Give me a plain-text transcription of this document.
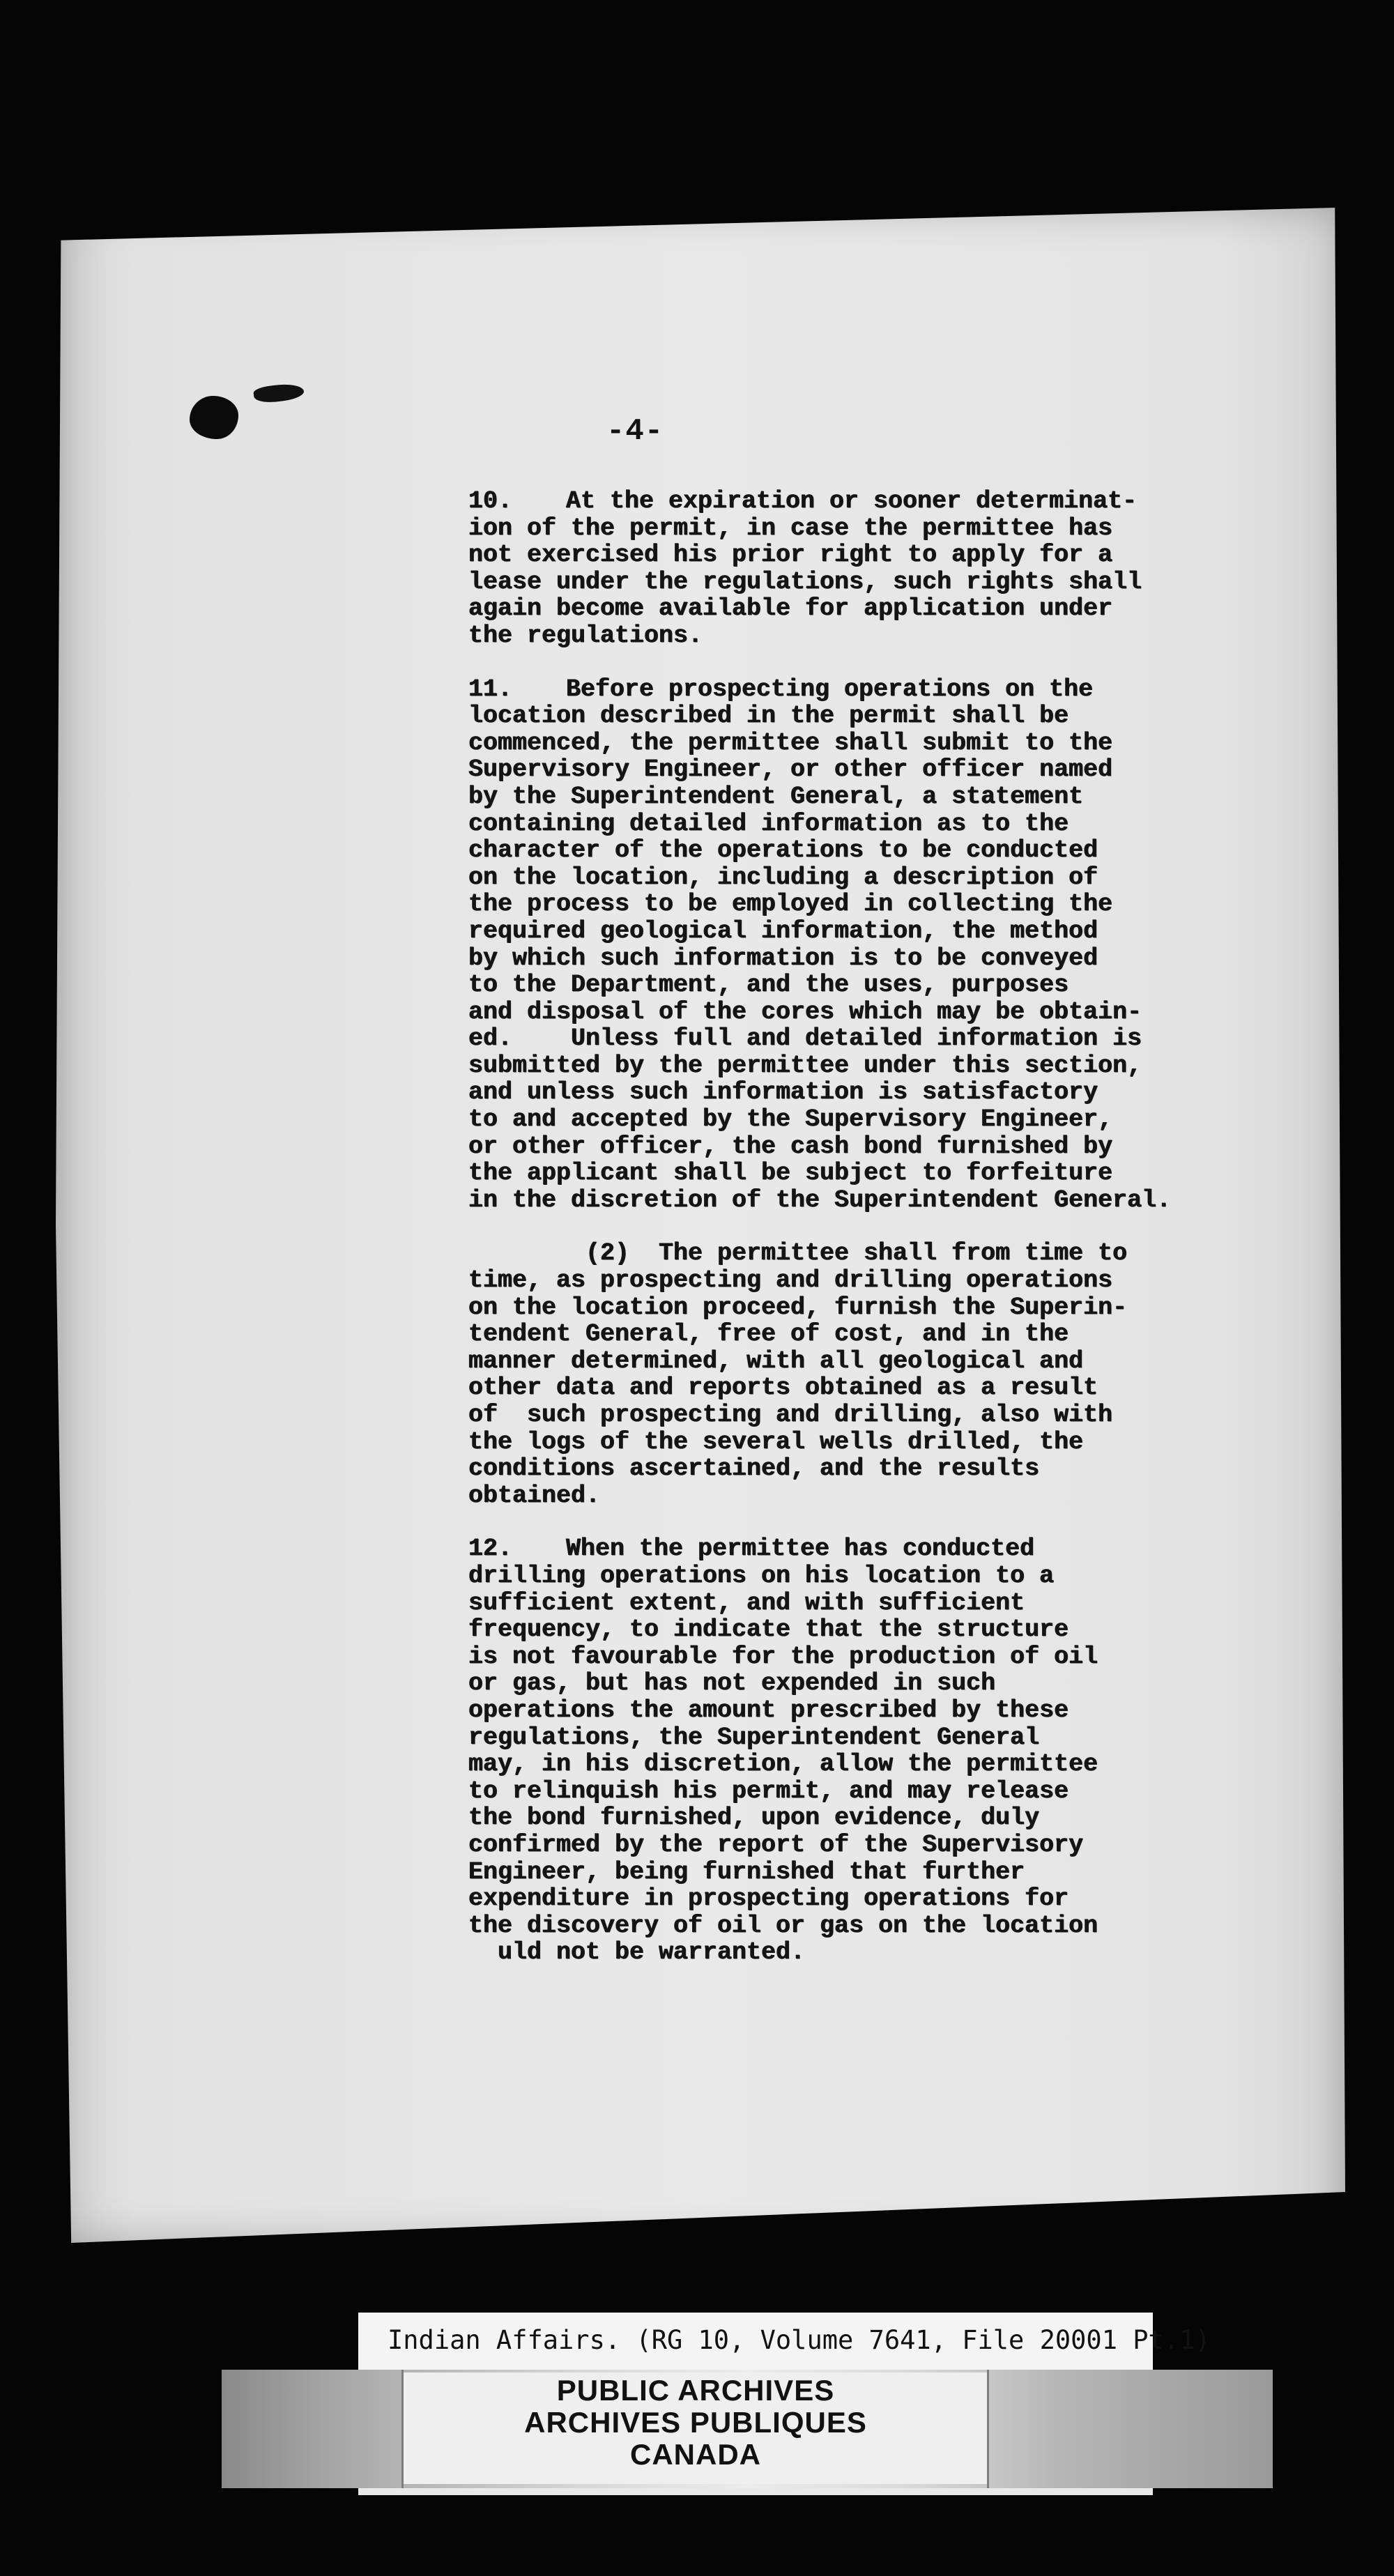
-4-
10. At the expiration or sooner determinat-
ion of the permit, in case the permittee has
not exercised his prior right to apply for a
lease under the regulations, such rights shall
again become available for application under
the regulations.
11. Before prospecting operations on the
location described in the permit shall be
commenced, the permittee shall submit to the
Supervisory Engineer, or other officer named
by the Superintendent General, a statement
containing detailed information as to the
character of the operations to be conducted
on the location, including a description of
the process to be employed in collecting the
required geological information, the method
by which such information is to be conveyed
to the Department, and the uses, purposes
and disposal of the cores which may be obtain-
ed.    Unless full and detailed information is
submitted by the permittee under this section,
and unless such information is satisfactory
to and accepted by the Supervisory Engineer,
or other officer, the cash bond furnished by
the applicant shall be subject to forfeiture
in the discretion of the Superintendent General.
(2)  The permittee shall from time to
time, as prospecting and drilling operations
on the location proceed, furnish the Superin-
tendent General, free of cost, and in the
manner determined, with all geological and
other data and reports obtained as a result
of  such prospecting and drilling, also with
the logs of the several wells drilled, the
conditions ascertained, and the results
obtained.
12. When the permittee has conducted
drilling operations on his location to a
sufficient extent, and with sufficient
frequency, to indicate that the structure
is not favourable for the production of oil
or gas, but has not expended in such
operations the amount prescribed by these
regulations, the Superintendent General
may, in his discretion, allow the permittee
to relinquish his permit, and may release
the bond furnished, upon evidence, duly
confirmed by the report of the Supervisory
Engineer, being furnished that further
expenditure in prospecting operations for
the discovery of oil or gas on the location
uld not be warranted.
Indian Affairs. (RG 10, Volume 7641, File 20001 Pt.1)
PUBLIC ARCHIVES
ARCHIVES PUBLIQUES
CANADA
